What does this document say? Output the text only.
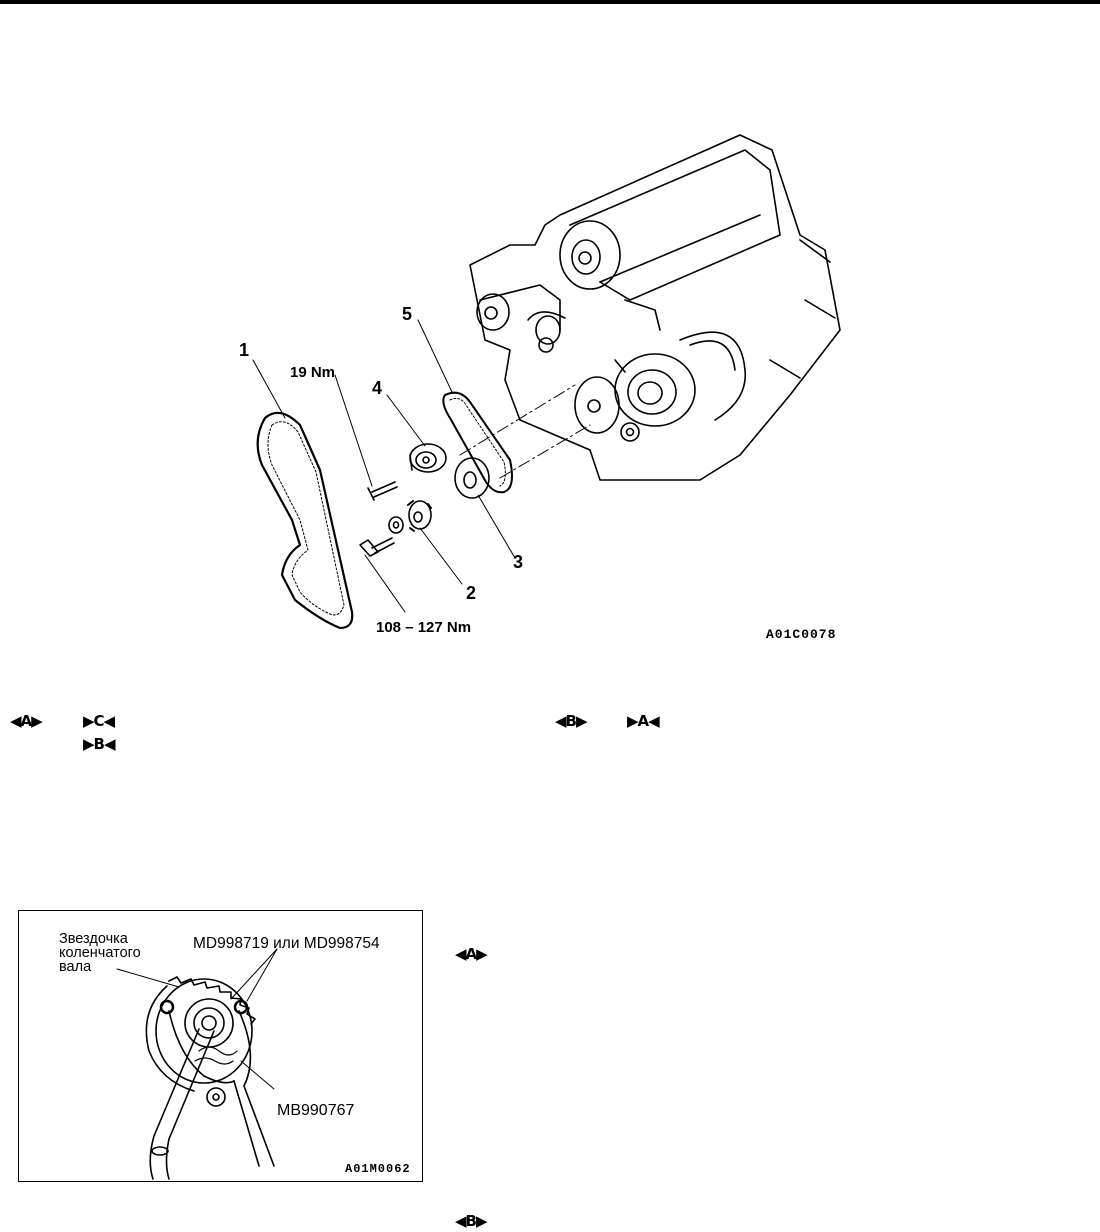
1
5
4
3
2
19 Nm
108 – 127 Nm	A01C0078
◀A▶	▶C◀
▶B◀
◀B▶	▶A◀
Звездочка
коленчатого
вала
MD998719 или MD998754
MB990767
A01M0062
◀A▶
◀B▶
